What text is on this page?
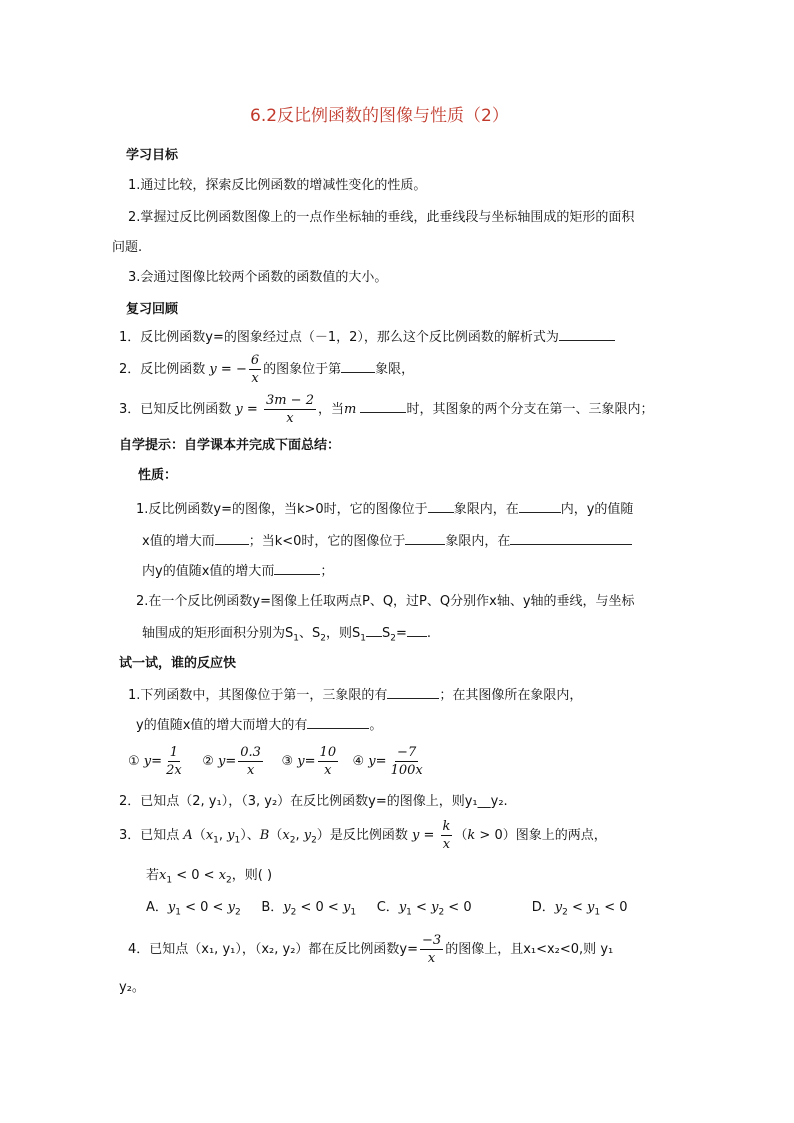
6.2反比例函数的图像与性质（2）
学习目标
1.通过比较，探索反比例函数的增减性变化的性质。
2.掌握过反比例函数图像上的一点作坐标轴的垂线，此垂线段与坐标轴围成的矩形的面积
问题.
3.会通过图像比较两个函数的函数值的大小。
复习回顾
1．反比例函数y=的图象经过点（－1，2），那么这个反比例函数的解析式为
2．反比例函数 y = − $\frac{6}{x}$ 的图象位于第	象限，
3．已知反比例函数 $y = \frac{3m - 2}{x}$ ，当m	时，其图象的两个分支在第一、三象限内；
自学提示：自学课本并完成下面总结：
性质：
1.反比例函数y=的图像，当k>0时，它的图像位于 象限内，在	内，y的值随
x值的增大而	；当k<0时，它的图像位于	象限内，在
内y的值随x值的增大而	；
2.在一个反比例函数y=图像上任取两点P、Q，过P、Q分别作x轴、y轴的垂线，与坐标
轴围成的矩形面积分别为$S_1$、$S_2$，则$S_1$ $S_2=$ .
试一试，谁的反应快
1.下列函数中，其图像位于第一，三象限的有	；在其图像所在象限内，
y的值随x值的增大而增大的有	。
① $y= \frac{1}{2x}$ ② $y= \frac{0.3}{x}$ ③ $y= \frac{10}{x}$ ④ $y= \frac{-7}{100x}$
2．已知点（2, y₁），（3, y₂）在反比例函数y=的图像上，则y₁__y₂.
3．已知点 $A(x_1$, $y_1$）、$B(x_2$, $y_2$）是反比例函数 $y = \frac{k}{x} (k > 0)$图象上的两点，
若$x_1 < 0 < x_2$，则( )
A．$y_1 < 0 < y_2$ B．$y_2 < 0 < y_1$ C．$y_1 < y_2 < 0$	D．$y_2 < y_1 < 0$
4．已知点（x₁, y₁），（x₂, y₂）都在反比例函数$y= \frac{-3}{x}$ 的图像上，且x₁<x₂<0,则 y₁
y₂。
